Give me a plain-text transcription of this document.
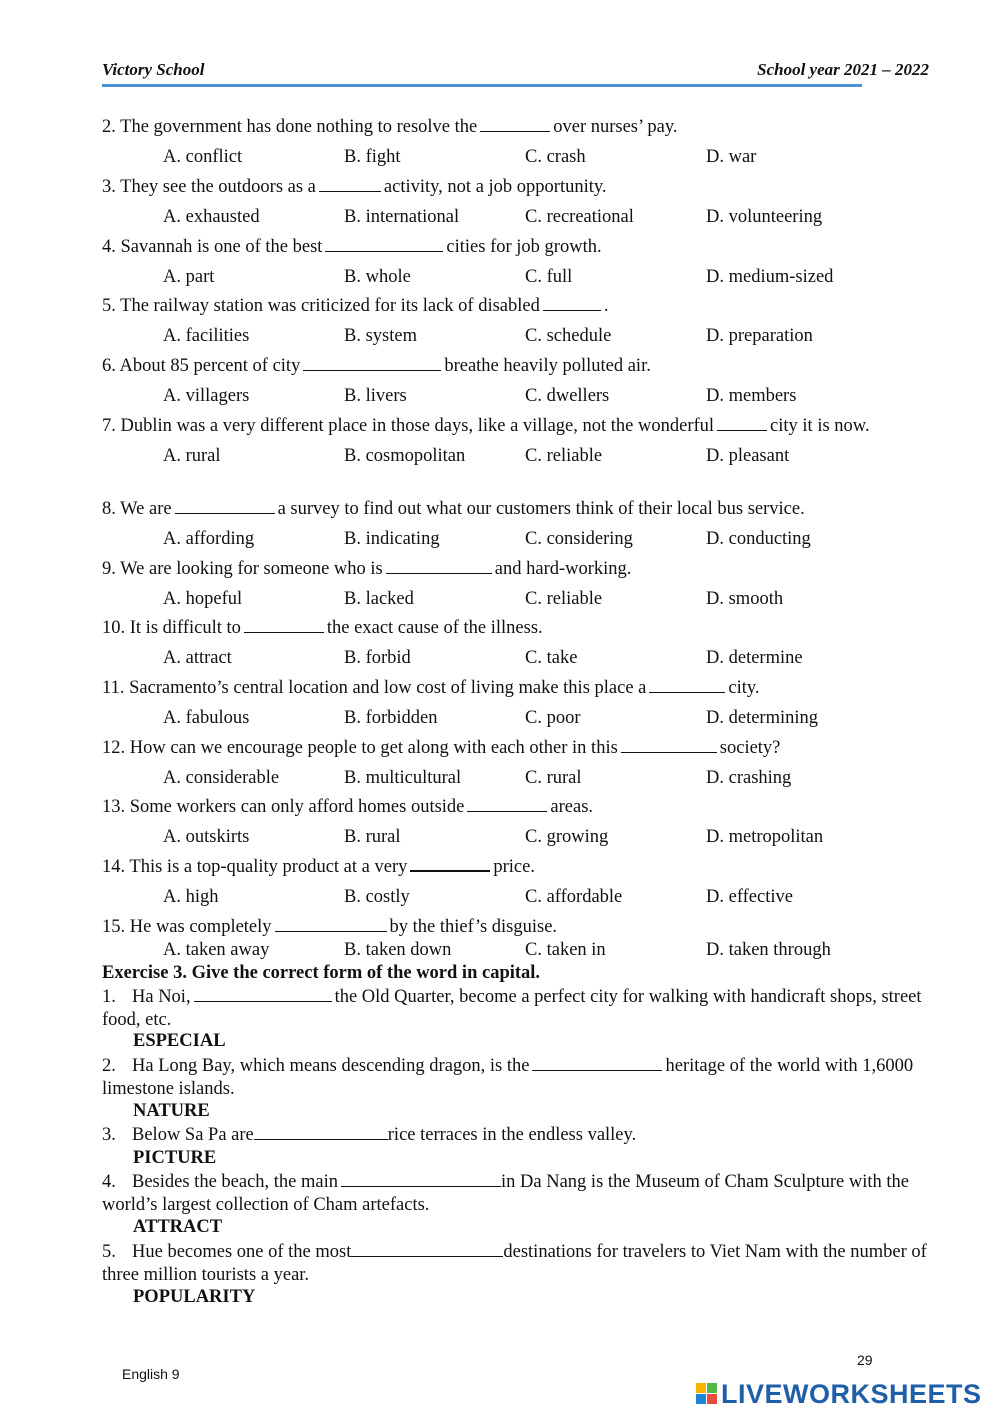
Victory School	School year 2021 – 2022
2. The government has done nothing to resolve the	over nurses’ pay.
A. conflict	B. fight	C. crash	D. war
3. They see the outdoors as a	activity, not a job opportunity.
A. exhausted	B. international	C. recreational	D. volunteering
4. Savannah is one of the best	cities for job growth.
A. part	B. whole	C. full	D. medium-sized
5. The railway station was criticized for its lack of disabled	.
A. facilities	B. system	C. schedule	D. preparation
6. About 85 percent of city	breathe heavily polluted air.
A. villagers	B. livers	C. dwellers	D. members
7. Dublin was a very different place in those days, like a village, not the wonderful	city it is now.
A. rural	B. cosmopolitan	C. reliable	D. pleasant
8. We are	a survey to find out what our customers think of their local bus service.
A. affording	B. indicating	C. considering	D. conducting
9. We are looking for someone who is	and hard-working.
A. hopeful	B. lacked	C. reliable	D. smooth
10. It is difficult to	the exact cause of the illness.
A. attract	B. forbid	C. take	D. determine
11. Sacramento’s central location and low cost of living make this place a	city.
A. fabulous	B. forbidden	C. poor	D. determining
12. How can we encourage people to get along with each other in this	society?
A. considerable	B. multicultural	C. rural	D. crashing
13. Some workers can only afford homes outside	areas.
A. outskirts	B. rural	C. growing	D. metropolitan
14. This is a top-quality product at a very	price.
A. high	B. costly	C. affordable	D. effective
15. He was completely	by the thief’s disguise.
A. taken away	B. taken down	C. taken in	D. taken through
Exercise 3. Give the correct form of the word in capital.
1. Ha Noi,	the Old Quarter, become a perfect city for walking with handicraft shops, street food, etc.
ESPECIAL
2. Ha Long Bay, which means descending dragon, is the	heritage of the world with 1,6000 limestone islands.
NATURE
3. Below Sa Pa are	rice terraces in the endless valley.
PICTURE
4. Besides the beach, the main	in Da Nang is the Museum of Cham Sculpture with the world’s largest collection of Cham artefacts.
ATTRACT
5. Hue becomes one of the most	destinations for travelers to Viet Nam with the number of three million tourists a year.
POPULARITY
English 9
29
LIVEWORKSHEETS
